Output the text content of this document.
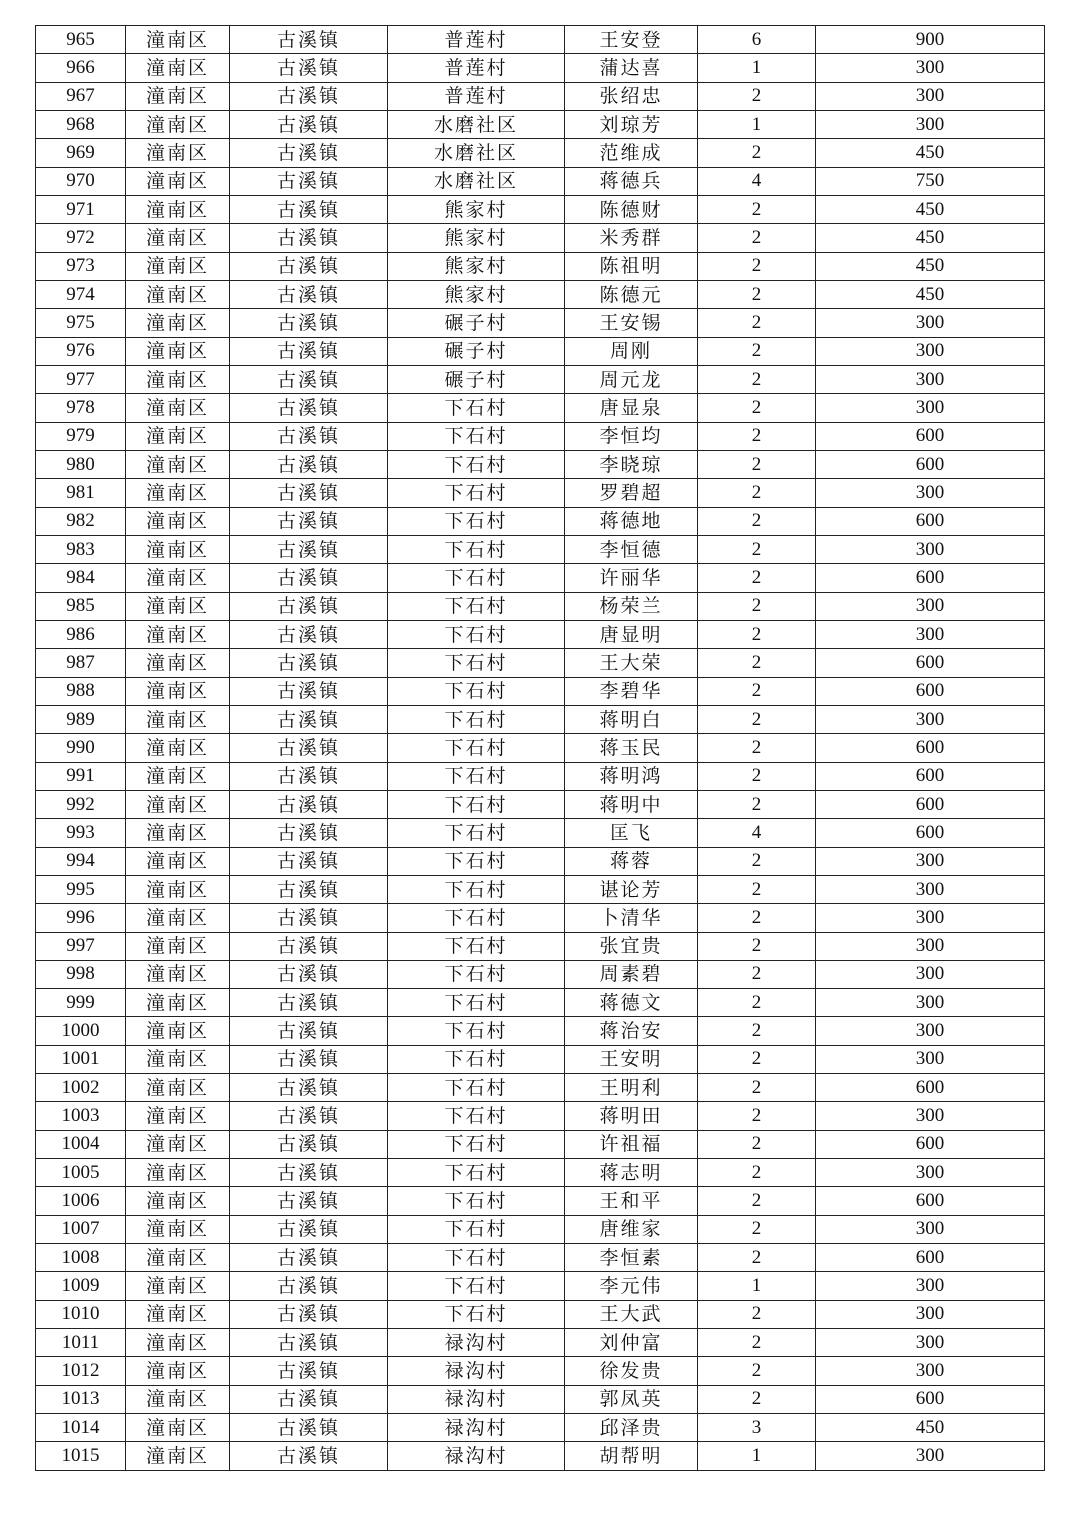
965	潼南区	古溪镇	普莲村	王安登	6	900
966	潼南区	古溪镇	普莲村	蒲达喜	1	300
967	潼南区	古溪镇	普莲村	张绍忠	2	300
968	潼南区	古溪镇	水磨社区	刘琼芳	1	300
969	潼南区	古溪镇	水磨社区	范维成	2	450
970	潼南区	古溪镇	水磨社区	蒋德兵	4	750
971	潼南区	古溪镇	熊家村	陈德财	2	450
972	潼南区	古溪镇	熊家村	米秀群	2	450
973	潼南区	古溪镇	熊家村	陈祖明	2	450
974	潼南区	古溪镇	熊家村	陈德元	2	450
975	潼南区	古溪镇	碾子村	王安锡	2	300
976	潼南区	古溪镇	碾子村	周刚	2	300
977	潼南区	古溪镇	碾子村	周元龙	2	300
978	潼南区	古溪镇	下石村	唐显泉	2	300
979	潼南区	古溪镇	下石村	李恒均	2	600
980	潼南区	古溪镇	下石村	李晓琼	2	600
981	潼南区	古溪镇	下石村	罗碧超	2	300
982	潼南区	古溪镇	下石村	蒋德地	2	600
983	潼南区	古溪镇	下石村	李恒德	2	300
984	潼南区	古溪镇	下石村	许丽华	2	600
985	潼南区	古溪镇	下石村	杨荣兰	2	300
986	潼南区	古溪镇	下石村	唐显明	2	300
987	潼南区	古溪镇	下石村	王大荣	2	600
988	潼南区	古溪镇	下石村	李碧华	2	600
989	潼南区	古溪镇	下石村	蒋明白	2	300
990	潼南区	古溪镇	下石村	蒋玉民	2	600
991	潼南区	古溪镇	下石村	蒋明鸿	2	600
992	潼南区	古溪镇	下石村	蒋明中	2	600
993	潼南区	古溪镇	下石村	匡飞	4	600
994	潼南区	古溪镇	下石村	蒋蓉	2	300
995	潼南区	古溪镇	下石村	谌论芳	2	300
996	潼南区	古溪镇	下石村	卜清华	2	300
997	潼南区	古溪镇	下石村	张宜贵	2	300
998	潼南区	古溪镇	下石村	周素碧	2	300
999	潼南区	古溪镇	下石村	蒋德文	2	300
1000	潼南区	古溪镇	下石村	蒋治安	2	300
1001	潼南区	古溪镇	下石村	王安明	2	300
1002	潼南区	古溪镇	下石村	王明利	2	600
1003	潼南区	古溪镇	下石村	蒋明田	2	300
1004	潼南区	古溪镇	下石村	许祖福	2	600
1005	潼南区	古溪镇	下石村	蒋志明	2	300
1006	潼南区	古溪镇	下石村	王和平	2	600
1007	潼南区	古溪镇	下石村	唐维家	2	300
1008	潼南区	古溪镇	下石村	李恒素	2	600
1009	潼南区	古溪镇	下石村	李元伟	1	300
1010	潼南区	古溪镇	下石村	王大武	2	300
1011	潼南区	古溪镇	禄沟村	刘仲富	2	300
1012	潼南区	古溪镇	禄沟村	徐发贵	2	300
1013	潼南区	古溪镇	禄沟村	郭凤英	2	600
1014	潼南区	古溪镇	禄沟村	邱泽贵	3	450
1015	潼南区	古溪镇	禄沟村	胡帮明	1	300
